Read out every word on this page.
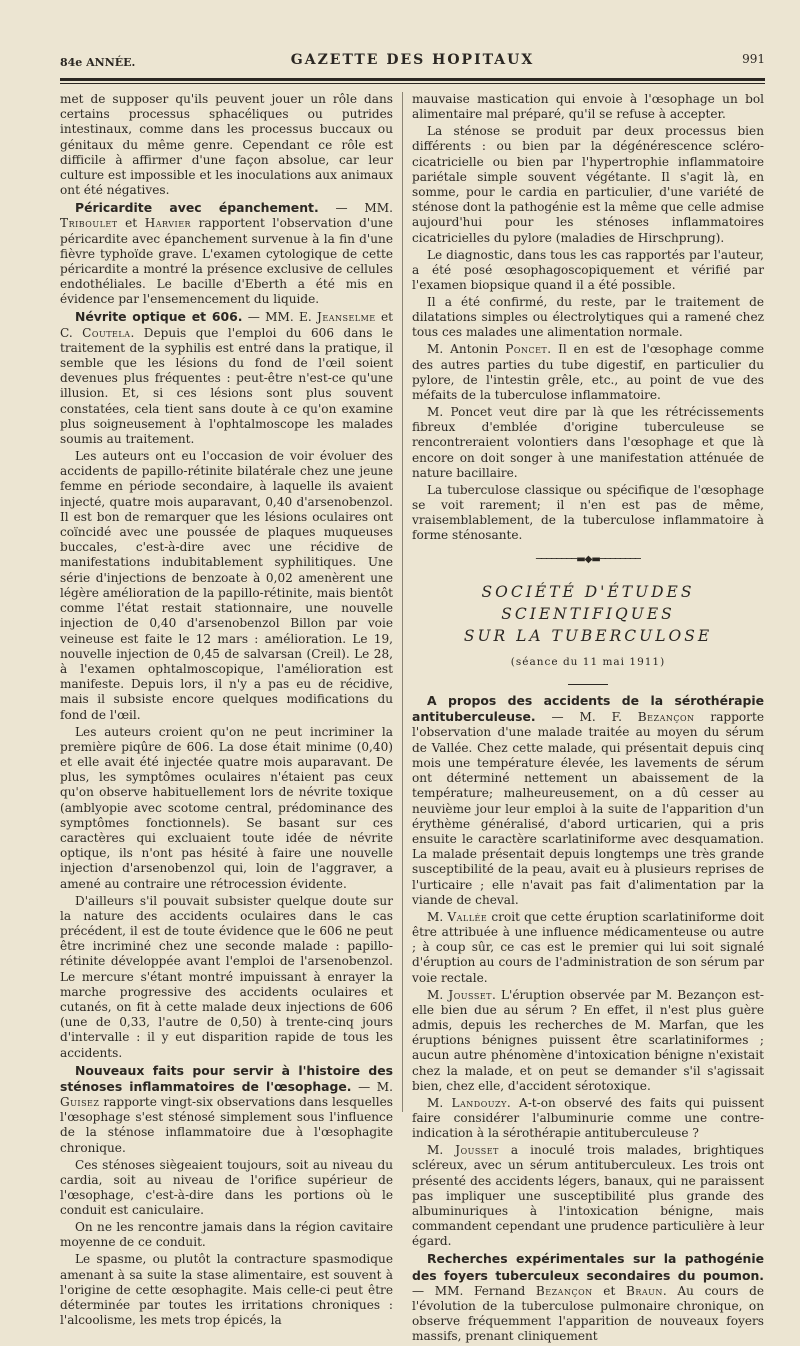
84e ANNÉE.	GAZETTE DES HOPITAUX	991

met de supposer qu'ils peuvent jouer un rôle dans certains processus sphacéliques ou putrides intestinaux, comme dans les processus buccaux ou génitaux du même genre. Cependant ce rôle est difficile à affirmer d'une façon absolue, car leur culture est impossible et les inoculations aux animaux ont été négatives.

Péricardite avec épanchement. — MM. Triboulet et Harvier rapportent l'observation d'une péricardite avec épanchement survenue à la fin d'une fièvre typhoïde grave. L'examen cytologique de cette péricardite a montré la présence exclusive de cellules endothéliales. Le bacille d'Eberth a été mis en évidence par l'ensemencement du liquide.

Névrite optique et 606. — MM. E. Jeanselme et C. Coutela. Depuis que l'emploi du 606 dans le traitement de la syphilis est entré dans la pratique, il semble que les lésions du fond de l'œil soient devenues plus fréquentes : peut-être n'est-ce qu'une illusion. Et, si ces lésions sont plus souvent constatées, cela tient sans doute à ce qu'on examine plus soigneusement à l'ophtalmoscope les malades soumis au traitement.

Les auteurs ont eu l'occasion de voir évoluer des accidents de papillo-rétinite bilatérale chez une jeune femme en période secondaire, à laquelle ils avaient injecté, quatre mois auparavant, 0,40 d'arsenobenzol. Il est bon de remarquer que les lésions oculaires ont coïncidé avec une poussée de plaques muqueuses buccales, c'est-à-dire avec une récidive de manifestations indubitablement syphilitiques. Une série d'injections de benzoate à 0,02 amenèrent une légère amélioration de la papillo-rétinite, mais bientôt comme l'état restait stationnaire, une nouvelle injection de 0,40 d'arsenobenzol Billon par voie veineuse est faite le 12 mars : amélioration. Le 19, nouvelle injection de 0,45 de salvarsan (Creil). Le 28, à l'examen ophtalmoscopique, l'amélioration est manifeste. Depuis lors, il n'y a pas eu de récidive, mais il subsiste encore quelques modifications du fond de l'œil.

Les auteurs croient qu'on ne peut incriminer la première piqûre de 606. La dose était minime (0,40) et elle avait été injectée quatre mois auparavant. De plus, les symptômes oculaires n'étaient pas ceux qu'on observe habituellement lors de névrite toxique (amblyopie avec scotome central, prédominance des symptômes fonctionnels). Se basant sur ces caractères qui excluaient toute idée de névrite optique, ils n'ont pas hésité à faire une nouvelle injection d'arsenobenzol qui, loin de l'aggraver, a amené au contraire une rétrocession évidente.

D'ailleurs s'il pouvait subsister quelque doute sur la nature des accidents oculaires dans le cas précédent, il est de toute évidence que le 606 ne peut être incriminé chez une seconde malade : papillo-rétinite développée avant l'emploi de l'arsenobenzol. Le mercure s'étant montré impuissant à enrayer la marche progressive des accidents oculaires et cutanés, on fit à cette malade deux injections de 606 (une de 0,33, l'autre de 0,50) à trente-cinq jours d'intervalle : il y eut disparition rapide de tous les accidents.

Nouveaux faits pour servir à l'histoire des sténoses inflammatoires de l'œsophage. — M. Guisez rapporte vingt-six observations dans lesquelles l'œsophage s'est sténosé simplement sous l'influence de la sténose inflammatoire due à l'œsophagite chronique.

Ces sténoses siègeaient toujours, soit au niveau du cardia, soit au niveau de l'orifice supérieur de l'œsophage, c'est-à-dire dans les portions où le conduit est caniculaire.

On ne les rencontre jamais dans la région cavitaire moyenne de ce conduit.

Le spasme, ou plutôt la contracture spasmodique amenant à sa suite la stase alimentaire, est souvent à l'origine de cette œsophagite. Mais celle-ci peut être déterminée par toutes les irritations chroniques : l'alcoolisme, les mets trop épicés, la

mauvaise mastication qui envoie à l'œsophage un bol alimentaire mal préparé, qu'il se refuse à accepter.

La sténose se produit par deux processus bien différents : ou bien par la dégénérescence scléro-cicatricielle ou bien par l'hypertrophie inflammatoire pariétale simple souvent végétante. Il s'agit là, en somme, pour le cardia en particulier, d'une variété de sténose dont la pathogénie est la même que celle admise aujourd'hui pour les sténoses inflammatoires cicatricielles du pylore (maladies de Hirschprung).

Le diagnostic, dans tous les cas rapportés par l'auteur, a été posé œsophagoscopiquement et vérifié par l'examen biopsique quand il a été possible.

Il a été confirmé, du reste, par le traitement de dilatations simples ou électrolytiques qui a ramené chez tous ces malades une alimentation normale.

M. Antonin Poncet. Il en est de l'œsophage comme des autres parties du tube digestif, en particulier du pylore, de l'intestin grêle, etc., au point de vue des méfaits de la tuberculose inflammatoire.

M. Poncet veut dire par là que les rétrécissements fibreux d'emblée d'origine tuberculeuse se rencontreraient volontiers dans l'œsophage et que là encore on doit songer à une manifestation atténuée de nature bacillaire.

La tuberculose classique ou spécifique de l'œsophage se voit rarement; il n'en est pas de même, vraisemblablement, de la tuberculose inflammatoire à forme sténosante.

────────▬◆▬────────
SOCIÉTÉ D'ÉTUDES SCIENTIFIQUES
SUR LA TUBERCULOSE
(séance du 11 mai 1911)

A propos des accidents de la sérothérapie antituberculeuse. — M. F. Bezançon rapporte l'observation d'une malade traitée au moyen du sérum de Vallée. Chez cette malade, qui présentait depuis cinq mois une température élevée, les lavements de sérum ont déterminé nettement un abaissement de la température; malheureusement, on a dû cesser au neuvième jour leur emploi à la suite de l'apparition d'un érythème généralisé, d'abord urticarien, qui a pris ensuite le caractère scarlatiniforme avec desquamation. La malade présentait depuis longtemps une très grande susceptibilité de la peau, avait eu à plusieurs reprises de l'urticaire ; elle n'avait pas fait d'alimentation par la viande de cheval.

M. Vallée croit que cette éruption scarlatiniforme doit être attribuée à une influence médicamenteuse ou autre ; à coup sûr, ce cas est le premier qui lui soit signalé d'éruption au cours de l'administration de son sérum par voie rectale.

M. Jousset. L'éruption observée par M. Bezançon est-elle bien due au sérum ? En effet, il n'est plus guère admis, depuis les recherches de M. Marfan, que les éruptions bénignes puissent être scarlatiniformes ; aucun autre phénomène d'intoxication bénigne n'existait chez la malade, et on peut se demander s'il s'agissait bien, chez elle, d'accident sérotoxique.

M. Landouzy. A-t-on observé des faits qui puissent faire considérer l'albuminurie comme une contre-indication à la sérothérapie antituberculeuse ?

M. Jousset a inoculé trois malades, brightiques scléreux, avec un sérum antituberculeux. Les trois ont présenté des accidents légers, banaux, qui ne paraissent pas impliquer une susceptibilité plus grande des albuminuriques à l'intoxication bénigne, mais commandent cependant une prudence particulière à leur égard.

Recherches expérimentales sur la pathogénie des foyers tuberculeux secondaires du poumon. — MM. Fernand Bezançon et Braun. Au cours de l'évolution de la tuberculose pulmonaire chronique, on observe fréquemment l'apparition de nouveaux foyers massifs, prenant cliniquement
